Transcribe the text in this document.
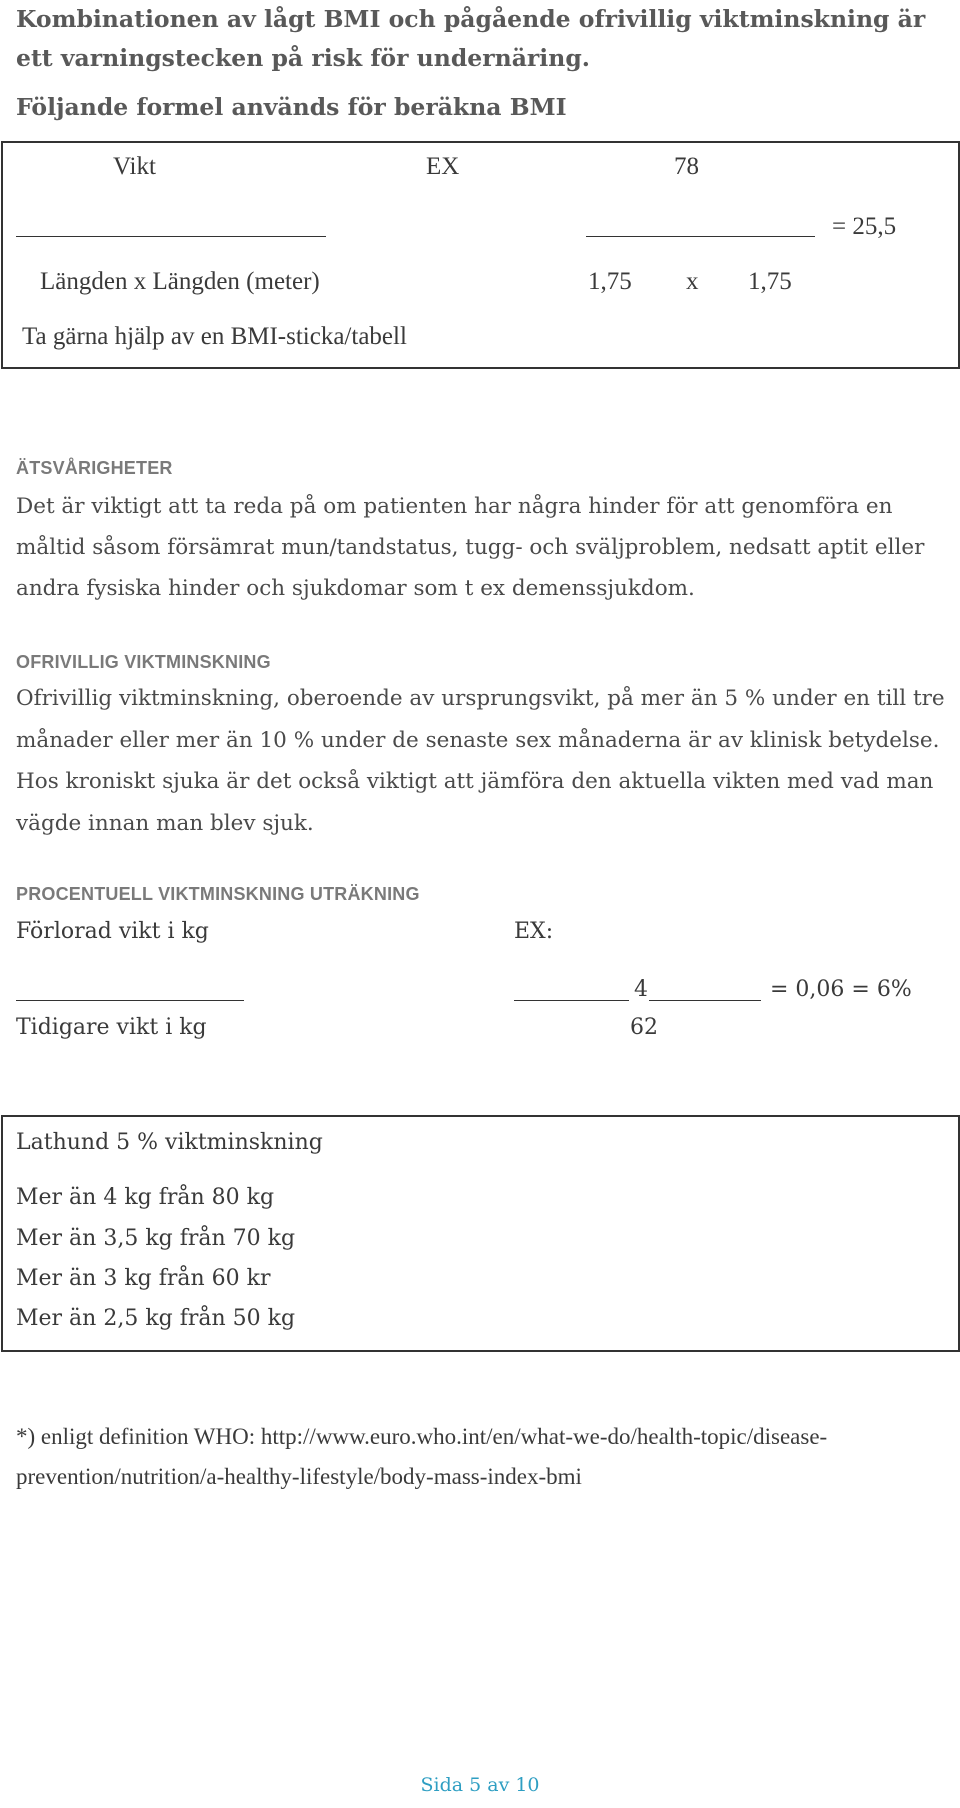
Kombinationen av lågt BMI och pågående ofrivillig viktminskning är ett varningstecken på risk för undernäring.
Följande formel används för beräkna BMI
Vikt	EX	78
= 25,5
Längden x Längden (meter)	1,75 x 1,75
Ta gärna hjälp av en BMI-sticka/tabell
ÄTSVÅRIGHETER
Det är viktigt att ta reda på om patienten har några hinder för att genomföra en måltid såsom försämrat mun/tandstatus, tugg- och sväljproblem, nedsatt aptit eller andra fysiska hinder och sjukdomar som t ex demenssjukdom.
OFRIVILLIG VIKTMINSKNING
Ofrivillig viktminskning, oberoende av ursprungsvikt, på mer än 5 % under en till tre månader eller mer än 10 % under de senaste sex månaderna är av klinisk betydelse. Hos kroniskt sjuka är det också viktigt att jämföra den aktuella vikten med vad man vägde innan man blev sjuk.
PROCENTUELL VIKTMINSKNING UTRÄKNING
Förlorad vikt i kg	EX:
4	= 0,06 = 6%
Tidigare vikt i kg	62
Lathund 5 % viktminskning
Mer än 4 kg från 80 kg
Mer än 3,5 kg från 70 kg
Mer än 3 kg från 60 kr
Mer än 2,5 kg från 50 kg
*) enligt definition WHO: http://www.euro.who.int/en/what-we-do/health-topic/disease-prevention/nutrition/a-healthy-lifestyle/body-mass-index-bmi
Sida 5 av 10
